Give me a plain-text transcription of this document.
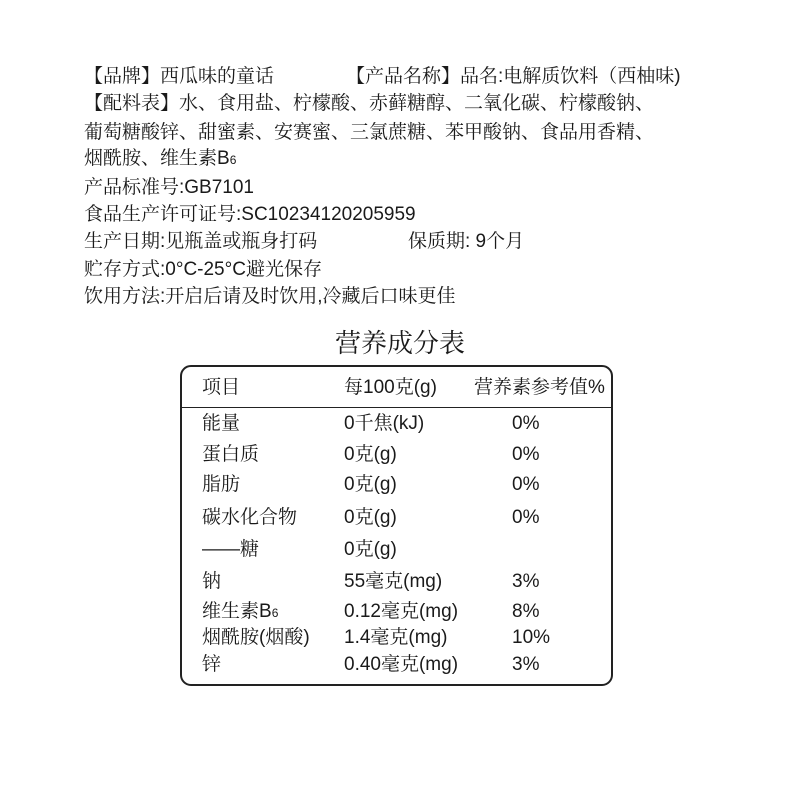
【品牌】西瓜味的童话	【产品名称】品名:电解质饮料（西柚味)
【配料表】水、食用盐、柠檬酸、赤藓糖醇、二氧化碳、柠檬酸钠、
葡萄糖酸锌、甜蜜素、安赛蜜、三氯蔗糖、苯甲酸钠、食品用香精、
烟酰胺、维生素B6
产品标准号:GB7101
食品生产许可证号:SC10234120205959
生产日期:见瓶盖或瓶身打码	保质期: 9个月
贮存方式:0°C-25°C避光保存
饮用方法:开启后请及时饮用,冷藏后口味更佳
营养成分表
项目	每100克(g) 营养素参考值%
能量	0千焦(kJ)	0%
蛋白质	0克(g)	0%
脂肪	0克(g)	0%
碳水化合物 0克(g)	0%
——糖	0克(g)
钠	55毫克(mg)	3%
维生素B6	0.12毫克(mg)	8%
烟酰胺(烟酸) 1.4毫克(mg)	10%
锌	0.40毫克(mg)	3%
